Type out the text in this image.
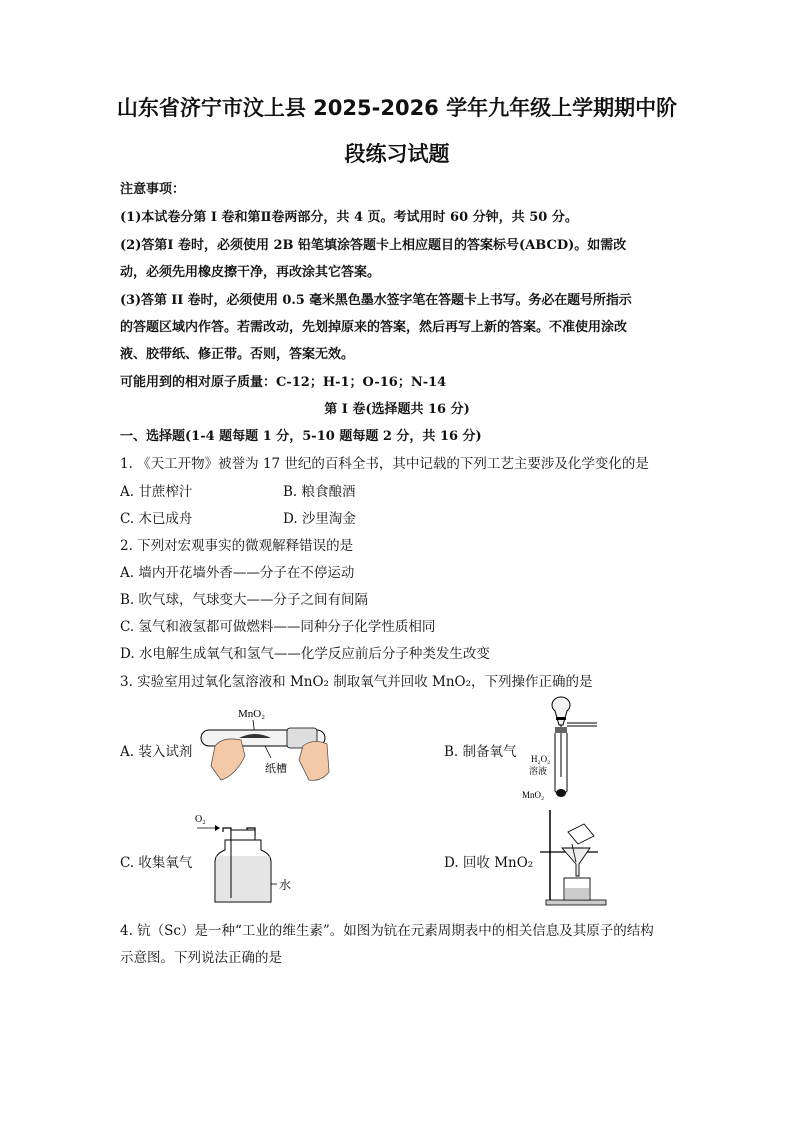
山东省济宁市汶上县 2025-2026 学年九年级上学期期中阶
段练习试题
注意事项：
(1)本试卷分第 I 卷和第Ⅱ卷两部分，共 4 页。考试用时 60 分钟，共 50 分。
(2)答第Ⅰ 卷时，必须使用 2B 铅笔填涂答题卡上相应题目的答案标号(ABCD)。如需改
动，必须先用橡皮擦干净，再改涂其它答案。
(3)答第 II 卷时，必须使用 0.5 毫米黑色墨水签字笔在答题卡上书写。务必在题号所指示
的答题区域内作答。若需改动，先划掉原来的答案，然后再写上新的答案。不准使用涂改
液、胶带纸、修正带。否则，答案无效。
可能用到的相对原子质量：C-12；H-1；O-16；N-14
第 I 卷(选择题共 16 分)
一、选择题(1-4 题每题 1 分，5-10 题每题 2 分，共 16 分)
1. 《天工开物》被誉为 17 世纪的百科全书，其中记载的下列工艺主要涉及化学变化的是
A. 甘蔗榨汁	B. 粮食酿酒
C. 木已成舟	D. 沙里淘金
2. 下列对宏观事实的微观解释错误的是
A. 墙内开花墙外香——分子在不停运动
B. 吹气球，气球变大——分子之间有间隔
C. 氢气和液氢都可做燃料——同种分子化学性质相同
D. 水电解生成氧气和氢气——化学反应前后分子种类发生改变
3. 实验室用过氧化氢溶液和 MnO₂ 制取氧气并回收 MnO₂，下列操作正确的是
A. 装入试剂	B. 制备氧气
C. 收集氧气	D. 回收 MnO₂
MnO₂
纸槽
H₂O₂
溶液
MnO₂
O₂
水
4. 钪（Sc）是一种“工业的维生素”。如图为钪在元素周期表中的相关信息及其原子的结构
示意图。下列说法正确的是
